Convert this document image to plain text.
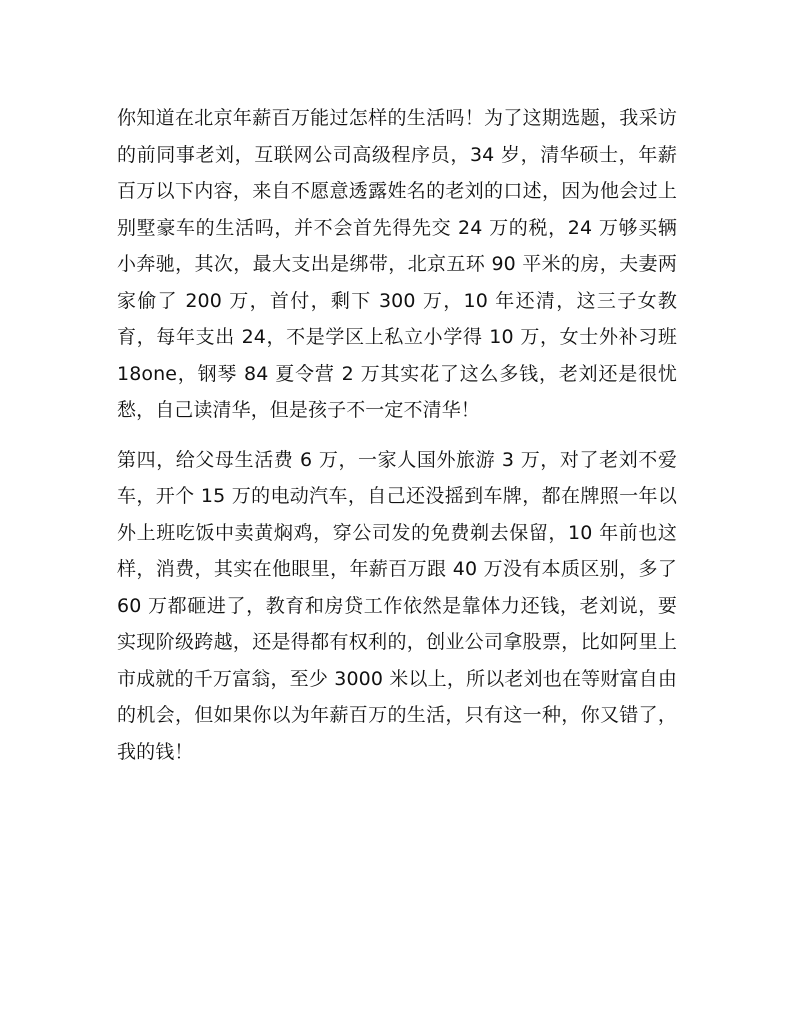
你知道在北京年薪百万能过怎样的生活吗！为了这期选题，我采访的前同事老刘，互联网公司高级程序员，34 岁，清华硕士，年薪百万以下内容，来自不愿意透露姓名的老刘的口述，因为他会过上别墅豪车的生活吗，并不会首先得先交 24 万的税，24 万够买辆小奔驰，其次，最大支出是绑带，北京五环 90 平米的房，夫妻两家偷了 200 万，首付，剩下 300 万，10 年还清，这三子女教育，每年支出 24，不是学区上私立小学得 10 万，女士外补习班 18one，钢琴 84 夏令营 2 万其实花了这么多钱，老刘还是很忧愁，自己读清华，但是孩子不一定不清华！

第四，给父母生活费 6 万，一家人国外旅游 3 万，对了老刘不爱车，开个 15 万的电动汽车，自己还没摇到车牌，都在牌照一年以外上班吃饭中卖黄焖鸡，穿公司发的免费剃去保留，10 年前也这样，消费，其实在他眼里，年薪百万跟 40 万没有本质区别，多了 60 万都砸进了，教育和房贷工作依然是靠体力还钱，老刘说，要实现阶级跨越，还是得都有权利的，创业公司拿股票，比如阿里上市成就的千万富翁，至少 3000 米以上，所以老刘也在等财富自由的机会，但如果你以为年薪百万的生活，只有这一种，你又错了，我的钱！
